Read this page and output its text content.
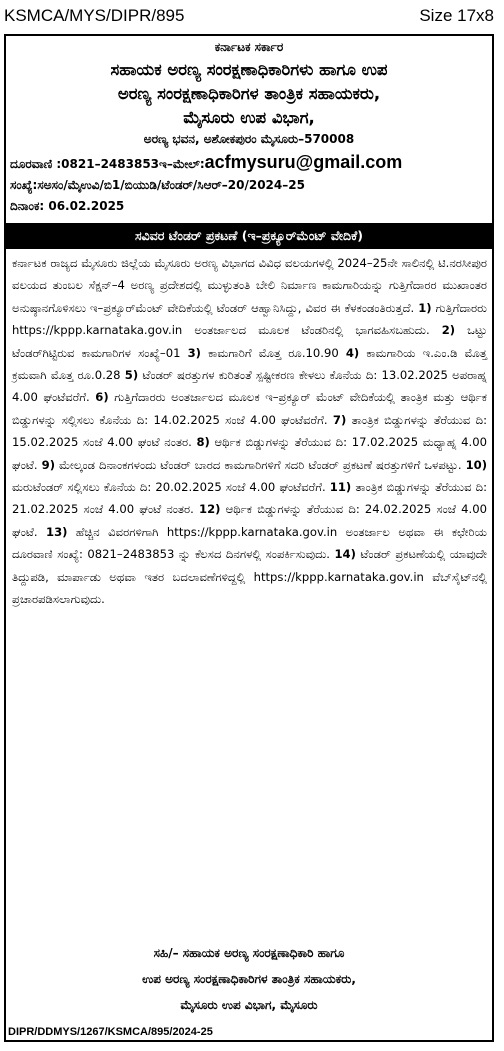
KSMCA/MYS/DIPR/895	Size 17x8
ಕರ್ನಾಟಕ ಸರ್ಕಾರ
ಸಹಾಯಕ ಅರಣ್ಯ ಸಂರಕ್ಷಣಾಧಿಕಾರಿಗಳು ಹಾಗೂ ಉಪ
ಅರಣ್ಯ ಸಂರಕ್ಷಣಾಧಿಕಾರಿಗಳ ತಾಂತ್ರಿಕ ಸಹಾಯಕರು,
ಮೈಸೂರು ಉಪ ವಿಭಾಗ,
ಅರಣ್ಯ ಭವನ, ಅಶೋಕಪುರಂ ಮೈಸೂರು–570008
ದೂರವಾಣಿ :0821–2483853ಇ–ಮೇಲ್:acfmysuru@gmail.com
ಸಂಖ್ಯೆ:ಸಅಸಂ/ಮೈಉವಿ/ಬಿ1/ಬಿಯುಡಿ/ಟೆಂಡರ್/ಸಿಆರ್–20/2024–25
ದಿನಾಂಕ: 06.02.2025
ಸವಿವರ ಟೆಂಡರ್ ಪ್ರಕಟಣೆ (ಇ–ಪ್ರಕ್ಯೂರ್‌ಮೆಂಟ್ ವೇದಿಕೆ)
ಕರ್ನಾಟಕ ರಾಜ್ಯದ ಮೈಸೂರು ಜಿಲ್ಲೆಯ ಮೈಸೂರು ಅರಣ್ಯ ವಿಭಾಗದ ವಿವಿಧ ವಲಯಗಳಲ್ಲಿ 2024–25ನೇ ಸಾಲಿನಲ್ಲಿ ಟಿ.ನರಸೀಪುರ ವಲಯದ ತುಂಬಲ ಸೆಕ್ಷನ್–4 ಅರಣ್ಯ ಪ್ರದೇಶದಲ್ಲಿ ಮುಳ್ಳುತಂತಿ ಬೇಲಿ ನಿರ್ಮಾಣ ಕಾಮಗಾರಿಯನ್ನು ಗುತ್ತಿಗೆದಾರರ ಮುಖಾಂತರ ಅನುಷ್ಠಾನಗೊಳಿಸಲು ಇ–ಪ್ರಕ್ಯೂರ್‌ಮೆಂಟ್ ವೇದಿಕೆಯಲ್ಲಿ ಟೆಂಡರ್ ಆಹ್ವಾನಿಸಿದ್ದು, ವಿವರ ಈ ಕೆಳಕಂಡಂತಿರುತ್ತದೆ. 1) ಗುತ್ತಿಗೆದಾರರು https://kppp.karnataka.gov.in ಅಂತರ್ಜಾಲದ ಮೂಲಕ ಟೆಂಡರಿನಲ್ಲಿ ಭಾಗವಹಿಸಬಹುದು. 2) ಒಟ್ಟು ಟೆಂಡರ್‌ಗಿಟ್ಟಿರುವ ಕಾಮಗಾರಿಗಳ ಸಂಖ್ಯೆ–01 3) ಕಾಮಗಾರಿಗೆ ಮೊತ್ತ ರೂ.10.90 4) ಕಾಮಗಾರಿಯ ಇ.ಎಂ.ಡಿ ಮೊತ್ತ ಕ್ರಮವಾಗಿ ಮೊತ್ತ ರೂ.0.28 5) ಟೆಂಡರ್ ಷರತ್ತುಗಳ ಕುರಿತಂತೆ ಸ್ಪಷ್ಟೀಕರಣ ಕೇಳಲು ಕೊನೆಯ ದಿ: 13.02.2025 ಅಪರಾಹ್ನ 4.00 ಘಂಟೆವರೆಗೆ. 6) ಗುತ್ತಿಗೆದಾರರು ಅಂತರ್ಜಾಲದ ಮೂಲಕ ಇ–ಪ್ರಕ್ಯೂರ್ ಮೆಂಟ್ ವೇದಿಕೆಯಲ್ಲಿ ತಾಂತ್ರಿಕ ಮತ್ತು ಆರ್ಥಿಕ ಬಿಡ್ಡುಗಳನ್ನು ಸಲ್ಲಿಸಲು ಕೊನೆಯ ದಿ: 14.02.2025 ಸಂಜೆ 4.00 ಘಂಟೆವರೆಗೆ. 7) ತಾಂತ್ರಿಕ ಬಿಡ್ಡುಗಳನ್ನು ತೆರೆಯುವ ದಿ: 15.02.2025 ಸಂಜೆ 4.00 ಘಂಟೆ ನಂತರ. 8) ಆರ್ಥಿಕ ಬಿಡ್ಡುಗಳನ್ನು ತೆರೆಯುವ ದಿ: 17.02.2025 ಮಧ್ಯಾಹ್ನ 4.00 ಘಂಟೆ. 9) ಮೇಲ್ಕಂಡ ದಿನಾಂಕಗಳಂದು ಟೆಂಡರ್ ಬಾರದ ಕಾಮಗಾರಿಗಳಿಗೆ ಸದರಿ ಟೆಂಡರ್ ಪ್ರಕಟಣೆ ಷರತ್ತುಗಳಿಗೆ ಒಳಪಟ್ಟು. 10) ಮರುಟೆಂಡರ್ ಸಲ್ಲಿಸಲು ಕೊನೆಯ ದಿ: 20.02.2025 ಸಂಜೆ 4.00 ಘಂಟೆವರೆಗೆ. 11) ತಾಂತ್ರಿಕ ಬಿಡ್ಡುಗಳನ್ನು ತೆರೆಯುವ ದಿ: 21.02.2025 ಸಂಜೆ 4.00 ಘಂಟೆ ನಂತರ. 12) ಆರ್ಥಿಕ ಬಿಡ್ಡುಗಳನ್ನು ತೆರೆಯುವ ದಿ: 24.02.2025 ಸಂಜೆ 4.00 ಘಂಟೆ. 13) ಹೆಚ್ಚಿನ ವಿವರಗಳಿಗಾಗಿ https://kppp.karnataka.gov.in ಅಂತರ್ಜಾಲ ಅಥವಾ ಈ ಕಛೇರಿಯ ದೂರವಾಣಿ ಸಂಖ್ಯೆ: 0821–2483853 ನ್ನು ಕೆಲಸದ ದಿನಗಳಲ್ಲಿ ಸಂಪರ್ಕಿಸುವುದು. 14) ಟೆಂಡರ್ ಪ್ರಕಟಣೆಯಲ್ಲಿ ಯಾವುದೇ ತಿದ್ದುಪಡಿ, ಮಾರ್ಪಾಡು ಅಥವಾ ಇತರ ಬದಲಾವಣೆಗಳಿದ್ದಲ್ಲಿ https://kppp.karnataka.gov.in ವೆಬ್‌ಸೈಟ್‌ನಲ್ಲಿ ಪ್ರಚಾರಪಡಿಸಲಾಗುವುದು.
ಸಹಿ/– ಸಹಾಯಕ ಅರಣ್ಯ ಸಂರಕ್ಷಣಾಧಿಕಾರಿ ಹಾಗೂ
ಉಪ ಅರಣ್ಯ ಸಂರಕ್ಷಣಾಧಿಕಾರಿಗಳ ತಾಂತ್ರಿಕ ಸಹಾಯಕರು,
ಮೈಸೂರು ಉಪ ವಿಭಾಗ, ಮೈಸೂರು
DIPR/DDMYS/1267/KSMCA/895/2024-25
